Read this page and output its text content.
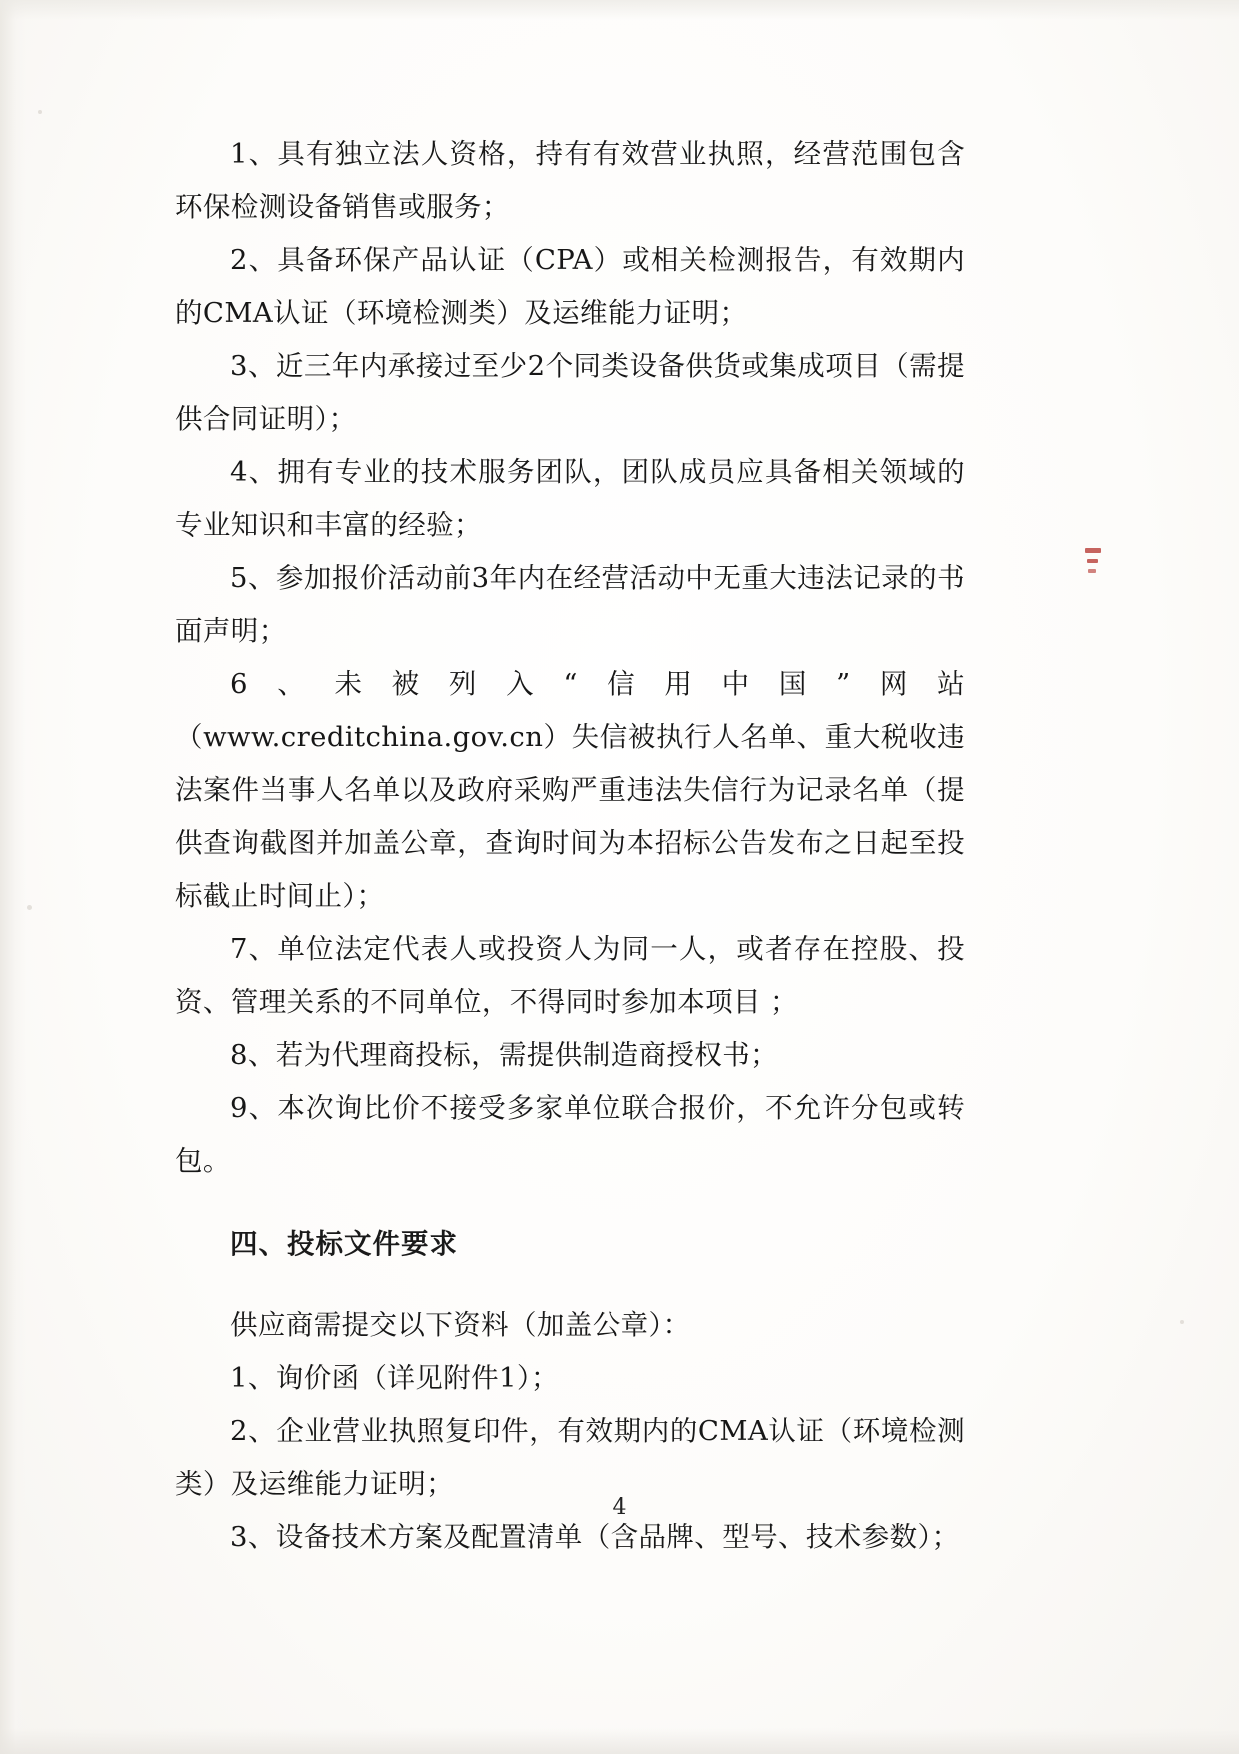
1、具有独立法人资格，持有有效营业执照，经营范围包含环保检测设备销售或服务；

2、具备环保产品认证（CPA）或相关检测报告，有效期内的CMA认证（环境检测类）及运维能力证明；

3、近三年内承接过至少2个同类设备供货或集成项目（需提供合同证明）；

4、拥有专业的技术服务团队，团队成员应具备相关领域的专业知识和丰富的经验；

5、参加报价活动前3年内在经营活动中无重大违法记录的书面声明；

6、未被列入“信用中国”网站（www.creditchina.gov.cn）失信被执行人名单、重大税收违法案件当事人名单以及政府采购严重违法失信行为记录名单（提供查询截图并加盖公章，查询时间为本招标公告发布之日起至投标截止时间止）；

7、单位法定代表人或投资人为同一人，或者存在控股、投资、管理关系的不同单位，不得同时参加本项目 ；

8、若为代理商投标，需提供制造商授权书；

9、本次询比价不接受多家单位联合报价，不允许分包或转包。

四、投标文件要求

供应商需提交以下资料（加盖公章）：

1、询价函（详见附件1）；

2、企业营业执照复印件，有效期内的CMA认证（环境检测类）及运维能力证明；

3、设备技术方案及配置清单（含品牌、型号、技术参数）；

4
